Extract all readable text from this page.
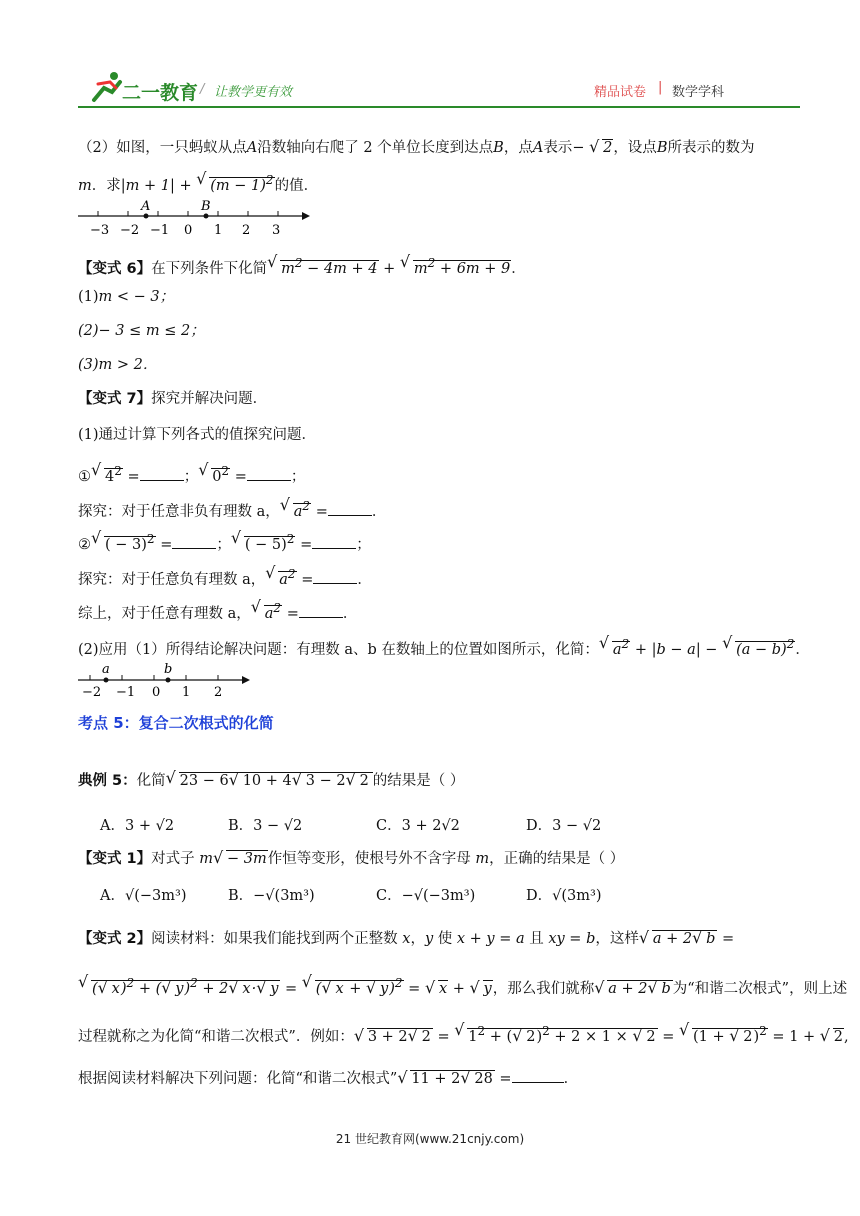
二一教育 / 让教学更有效	精品试卷 | 数学学科
（2）如图，一只蚂蚁从点A沿数轴向右爬了 2 个单位长度到达点B，点A表示− √ 2，设点B所表示的数为
m．求|m + 1| + √ $(m - 1)^2$的值．
A	B
−3 −2 −1 0 1 2 3
【变式 6】在下列条件下化简 √ $m^2 - 4m + 4$ + √ $m^2 + 6m + 9$．
(1)m < − 3；
(2)− 3 ≤ m ≤ 2；
(3)m > 2．
【变式 7】探究并解决问题．
(1)通过计算下列各式的值探究问题．
① √ $4^2$ =	； √ $0^2$ =	；
探究：对于任意非负有理数 a， √ $a^2$ =	．
② √ ( − 3)$^2$ =	； √ ( − 5)$^2$ =	；
探究：对于任意负有理数 a， √ $a^2$ =	．
综上，对于任意有理数 a， √ $a^2$ =	．
(2)应用（1）所得结论解决问题：有理数 a、b 在数轴上的位置如图所示，化简： √ $a^2 + |b - a|$ − √ $(a - b)^2$．
a	b
−2 −1 0 1 2
考点 5：复合二次根式的化简
典例 5：化简 √ 23 − 6 √ 10 + 4 √ 3 − 2 √ 2 的结果是（ ）
A．3 + √2	B．3 − √2	C．3 + 2√2	D．3 − √2
【变式 1】对式子 m √ − 3m作恒等变形，使根号外不含字母 m，正确的结果是（ ）
A．√(−3m³)	B．−√(3m³)	C．−√(−3m³)	D．√(3m³)
【变式 2】阅读材料：如果我们能找到两个正整数 x，y 使 x + y = a 且 xy = b，这样 √ a + 2 √ b =
√ ( √ x)$^2$ + ( √ y)$^2$ + 2 √ x· √ y = √ ( √ x + √ y)$^2$ = √ x + √ y，那么我们就称 √ a + 2 √ b 为“和谐二次根式”，则上述
过程就称之为化简“和谐二次根式”．例如： √ 3 + 2 √ 2 = √ $1^2$ + ( √ 2)$^2$ + 2 × 1 × √ 2 = √ (1 + √ 2)$^2$ = 1 + √ 2,
根据阅读材料解决下列问题：化简“和谐二次根式” √ 11 + 2 √ 28 =	．
21 世纪教育网(www.21cnjy.com)
